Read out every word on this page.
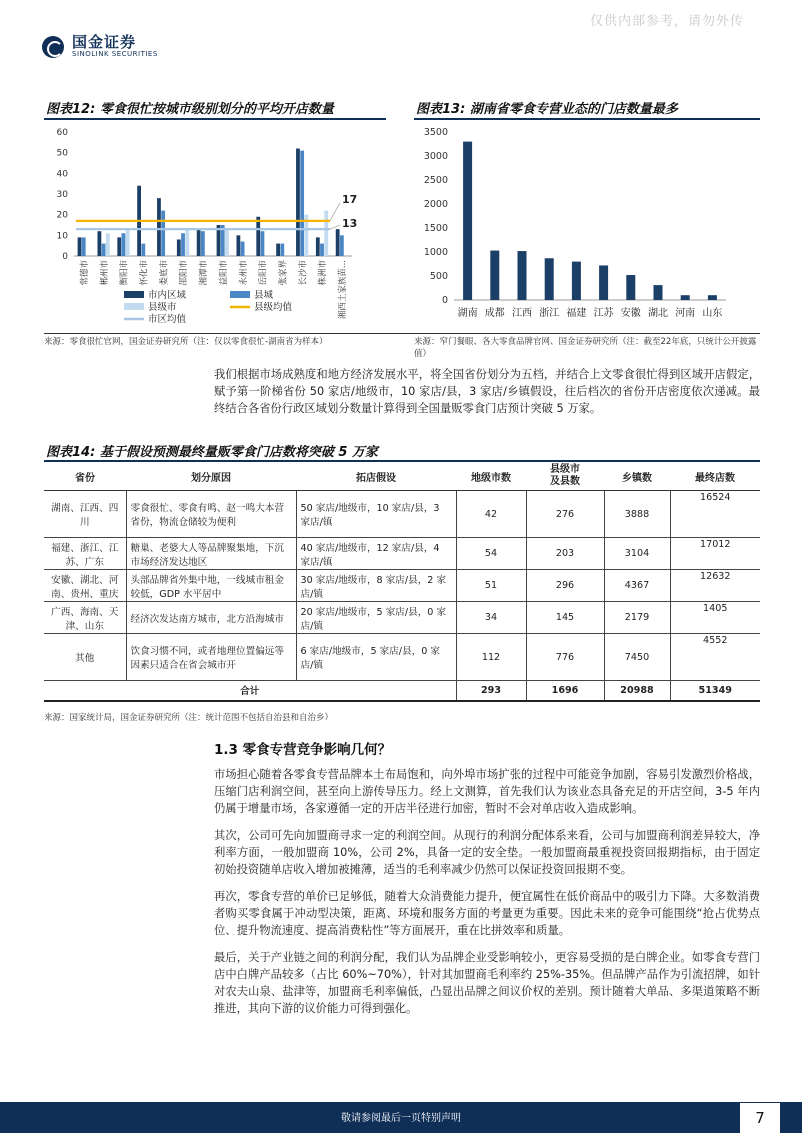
国金证券
SINOLINK SECURITIES
仅供内部参考，请勿外传
图表12: 零食很忙按城市级别划分的平均开店数量
0
10
20
30
40
50
60
常德市 郴州市 衡阳市 怀化市 娄底市 邵阳市 湘潭市 益阳市 永州市 岳阳市 张家界 长沙市 株洲市 湘西土家族苗...
17
13
市内区域	县城
县级市	县级均值
市区均值
图表13: 湖南省零食专营业态的门店数量最多
0
500
1000
1500
2000
2500
3000
3500
湖南 成都 江西 浙江 福建 江苏 安徽 湖北 河南 山东
来源：零食很忙官网，国金证券研究所（注：仅以零食很忙-湖南省为样本）	来源：窄门餐眼、各大零食品牌官网、国金证券研究所（注：截至22年底，只统计公开披露值）
我们根据市场成熟度和地方经济发展水平，将全国省份划分为五档，并结合上文零食很忙得到区域开店假定，赋予第一阶梯省份 50 家店/地级市，10 家店/县，3 家店/乡镇假设，往后档次的省份开店密度依次递减。最终结合各省份行政区域划分数量计算得到全国量贩零食门店预计突破 5 万家。
图表14: 基于假设预测最终量贩零食门店数将突破 5 万家
省份	划分原因	拓店假设	地级市数	县级市
及县数	乡镇数	最终店数
湖南、江西、四川	零食很忙、零食有鸣、赵一鸣大本营省份，物流仓储较为便利	50 家店/地级市，10 家店/县，3 家店/镇	42	276	3888	16524
福建、浙江、江苏、广东	糖巢、老婆大人等品牌聚集地，下沉市场经济发达地区	40 家店/地级市，12 家店/县，4 家店/镇	54	203	3104	17012
安徽、湖北、河南、贵州、重庆	头部品牌省外集中地，一线城市租金较低，GDP 水平居中	30 家店/地级市，8 家店/县，2 家店/镇	51	296	4367	12632
广西、海南、天津、山东	经济次发达南方城市，北方沿海城市	20 家店/地级市，5 家店/县，0 家店/镇	34	145	2179	1405
其他	饮食习惯不同，或者地理位置偏远等因素只适合在省会城市开	6 家店/地级市，5 家店/县，0 家店/镇	112	776	7450	4552
合计			293	1696	20988	51349
来源：国家统计局，国金证券研究所（注：统计范围不包括自治县和自治乡）
1.3 零食专营竞争影响几何？
市场担心随着各零食专营品牌本土布局饱和，向外埠市场扩张的过程中可能竞争加剧，容易引发激烈价格战，压缩门店利润空间，甚至向上游传导压力。经上文测算，首先我们认为该业态具备充足的开店空间，3-5 年内仍属于增量市场，各家遵循一定的开店半径进行加密，暂时不会对单店收入造成影响。
其次，公司可先向加盟商寻求一定的利润空间。从现行的利润分配体系来看，公司与加盟商利润差异较大，净利率方面，一般加盟商 10%，公司 2%，具备一定的安全垫。一般加盟商最重视投资回报期指标，由于固定初始投资随单店收入增加被摊薄，适当的毛利率减少仍然可以保证投资回报期不变。
再次，零食专营的单价已足够低，随着大众消费能力提升，便宜属性在低价商品中的吸引力下降。大多数消费者购买零食属于冲动型决策，距离、环境和服务方面的考量更为重要。因此未来的竞争可能围绕“抢占优势点位、提升物流速度、提高消费粘性”等方面展开，重在比拼效率和质量。
最后，关于产业链之间的利润分配，我们认为品牌企业受影响较小，更容易受损的是白牌企业。如零食专营门店中白牌产品较多（占比 60%~70%），针对其加盟商毛利率约 25%-35%。但品牌产品作为引流招牌，如针对农夫山泉、盐津等，加盟商毛利率偏低，凸显出品牌之间议价权的差别。预计随着大单品、多渠道策略不断推进，其向下游的议价能力可得到强化。
敬请参阅最后一页特别声明	7
